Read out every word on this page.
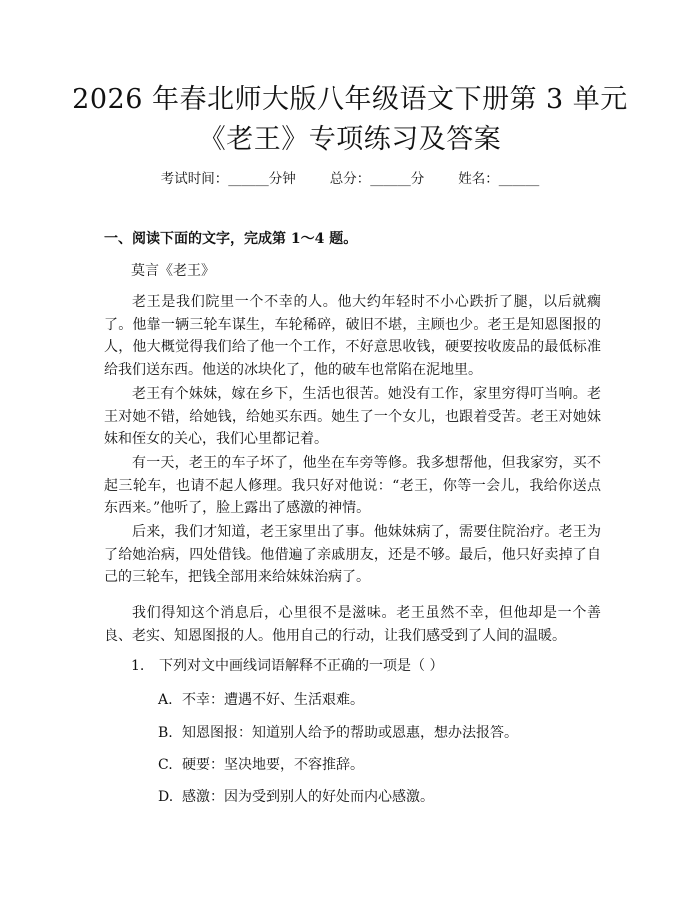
2026 年春北师大版八年级语文下册第 3 单元
《老王》专项练习及答案
考试时间：______分钟	总分：______分	姓名：______
一、阅读下面的文字，完成第 1～4 题。
莫言《老王》
老王是我们院里一个不幸的人。他大约年轻时不小心跌折了腿，以后就瘸了。他靠一辆三轮车谋生，车轮稀碎，破旧不堪，主顾也少。老王是知恩图报的人，他大概觉得我们给了他一个工作，不好意思收钱，硬要按收废品的最低标准给我们送东西。他送的冰块化了，他的破车也常陷在泥地里。
老王有个妹妹，嫁在乡下，生活也很苦。她没有工作，家里穷得叮当响。老王对她不错，给她钱，给她买东西。她生了一个女儿，也跟着受苦。老王对她妹妹和侄女的关心，我们心里都记着。
有一天，老王的车子坏了，他坐在车旁等修。我多想帮他，但我家穷，买不起三轮车，也请不起人修理。我只好对他说：“老王，你等一会儿，我给你送点东西来。”他听了，脸上露出了感激的神情。
后来，我们才知道，老王家里出了事。他妹妹病了，需要住院治疗。老王为了给她治病，四处借钱。他借遍了亲戚朋友，还是不够。最后，他只好卖掉了自己的三轮车，把钱全部用来给妹妹治病了。
我们得知这个消息后，心里很不是滋味。老王虽然不幸，但他却是一个善良、老实、知恩图报的人。他用自己的行动，让我们感受到了人间的温暖。
1. 下列对文中画线词语解释不正确的一项是（ ）
A. 不幸：遭遇不好、生活艰难。
B. 知恩图报：知道别人给予的帮助或恩惠，想办法报答。
C. 硬要：坚决地要，不容推辞。
D. 感激：因为受到别人的好处而内心感激。
